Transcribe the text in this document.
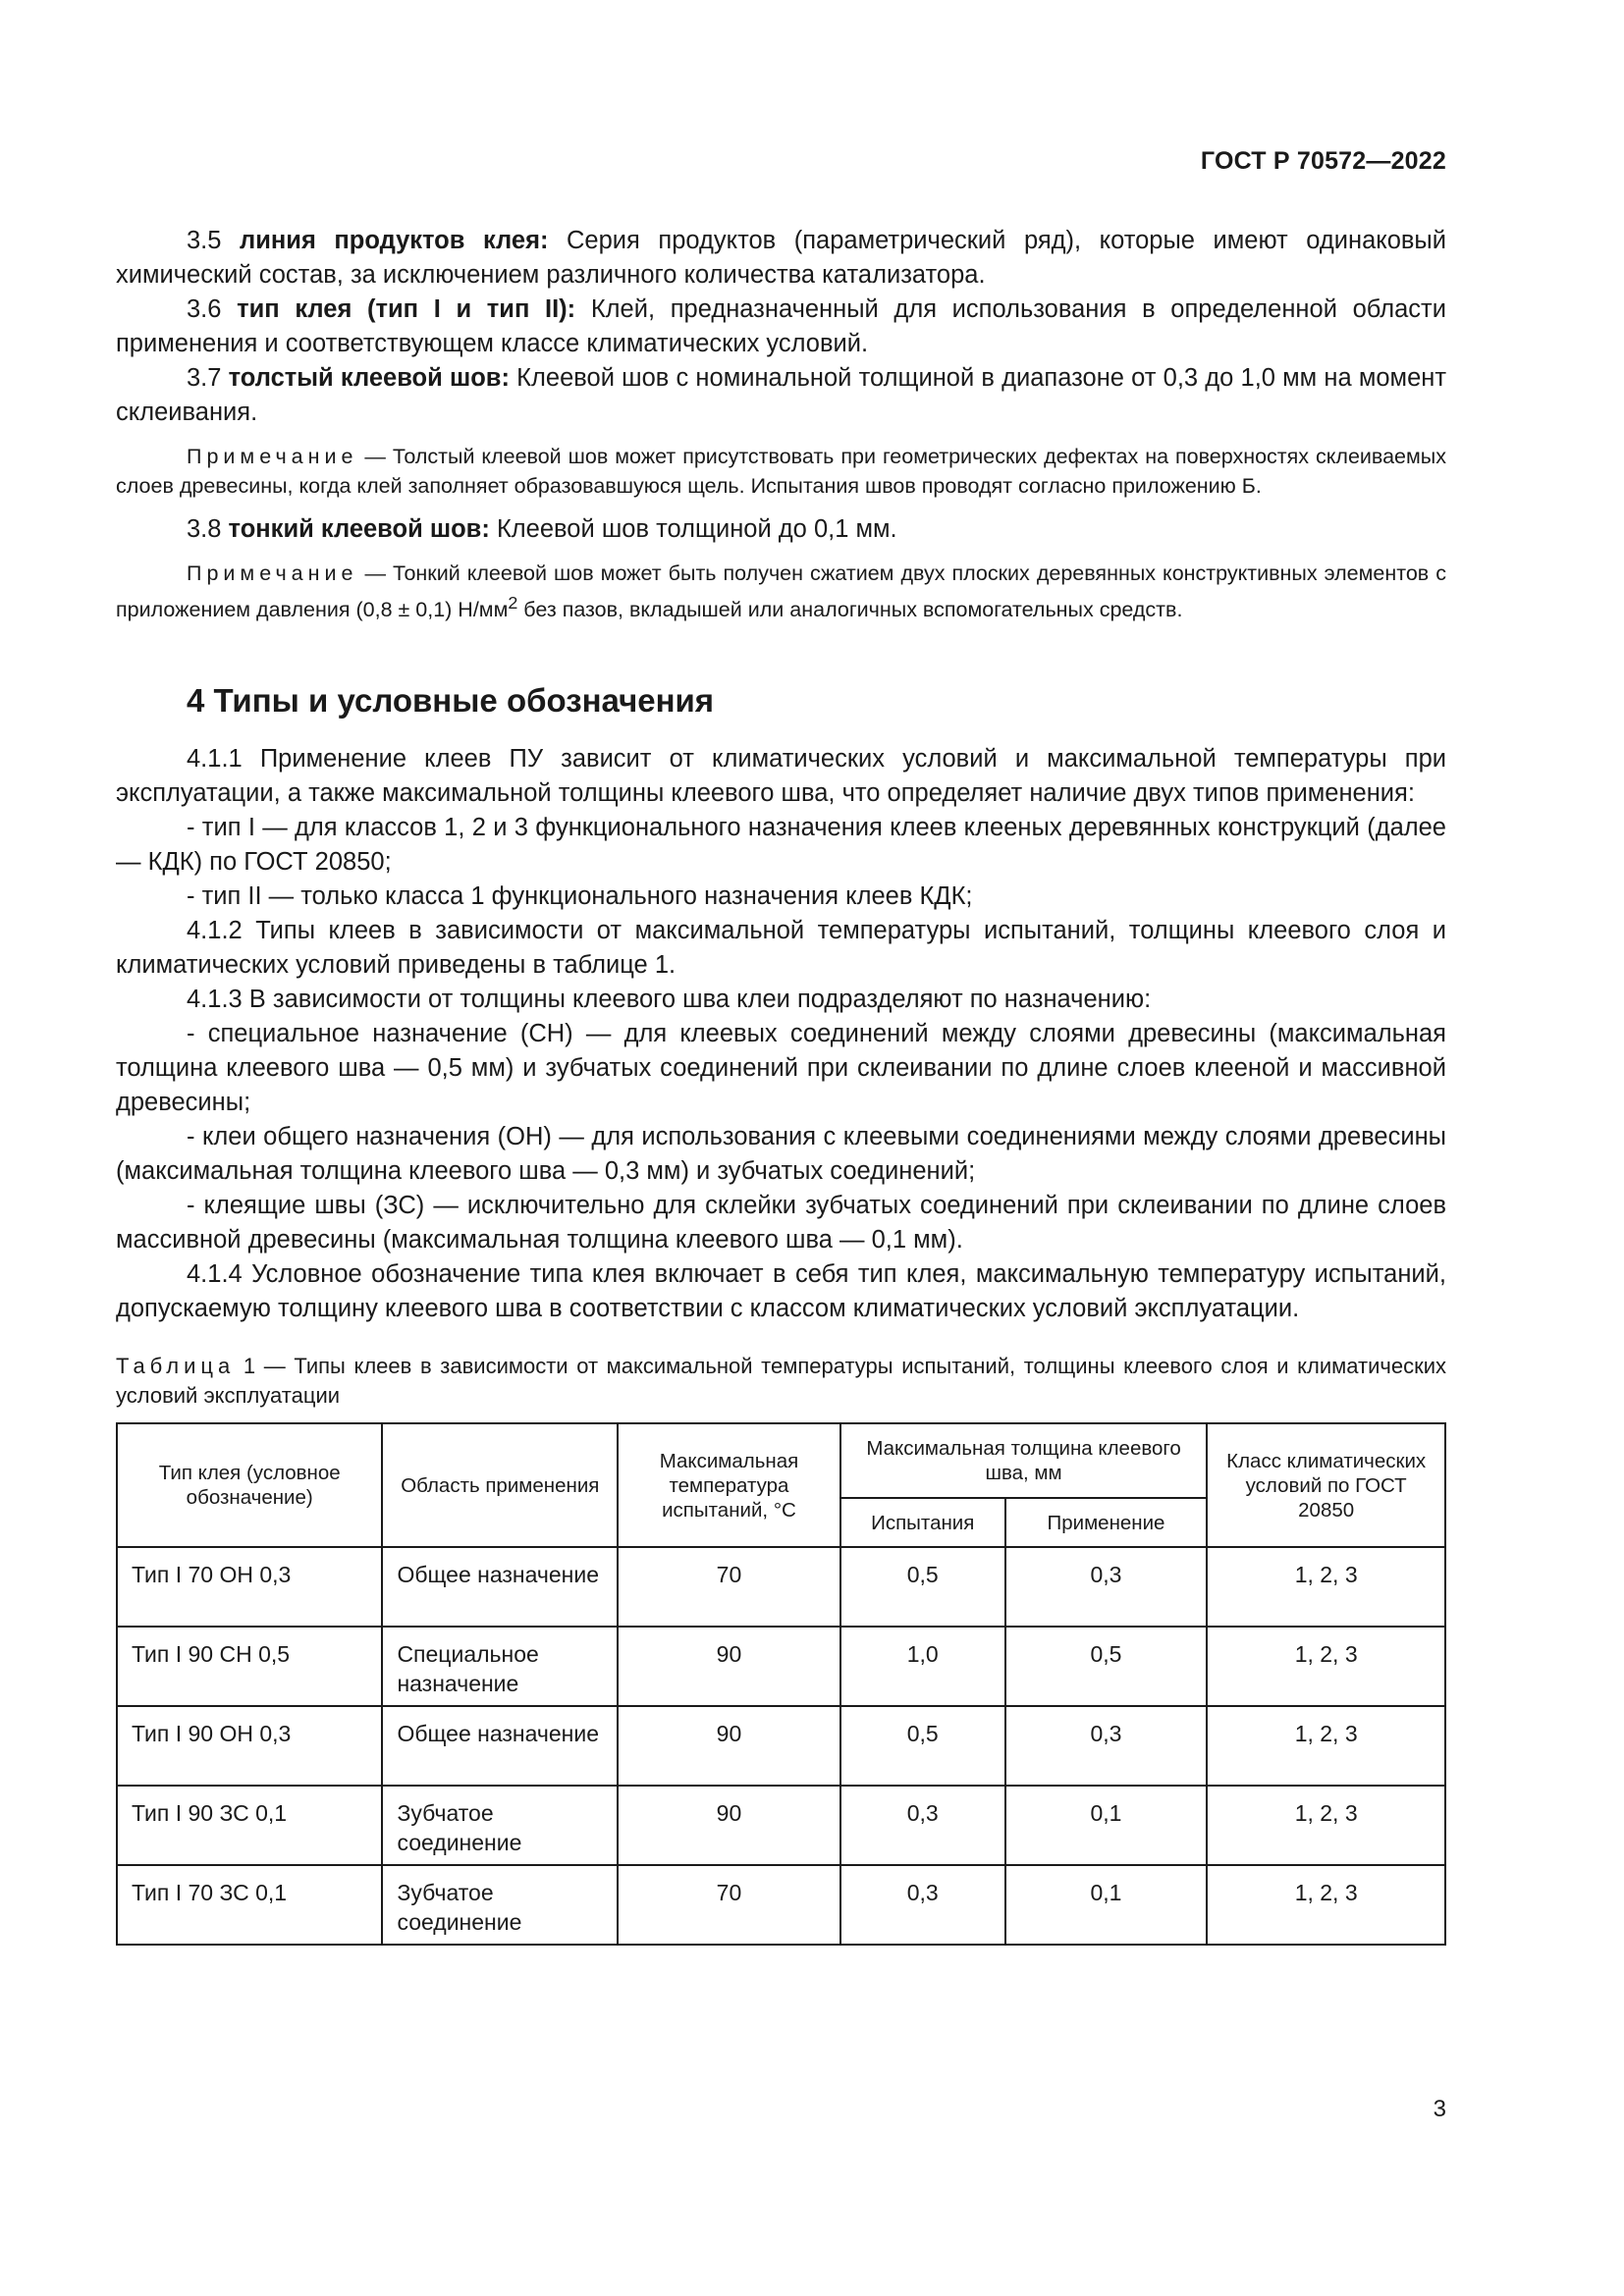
ГОСТ Р 70572—2022

3.5 линия продуктов клея: Серия продуктов (параметрический ряд), которые имеют одинаковый химический состав, за исключением различного количества катализатора.

3.6 тип клея (тип I и тип II): Клей, предназначенный для использования в определенной области применения и соответствующем классе климатических условий.

3.7 толстый клеевой шов: Клеевой шов с номинальной толщиной в диапазоне от 0,3 до 1,0 мм на момент склеивания.

Примечание — Толстый клеевой шов может присутствовать при геометрических дефектах на поверхностях склеиваемых слоев древесины, когда клей заполняет образовавшуюся щель. Испытания швов проводят согласно приложению Б.

3.8 тонкий клеевой шов: Клеевой шов толщиной до 0,1 мм.

Примечание — Тонкий клеевой шов может быть получен сжатием двух плоских деревянных конструктивных элементов с приложением давления (0,8 ± 0,1) $Н/мм^2$ без пазов, вкладышей или аналогичных вспомогательных средств.

4 Типы и условные обозначения

4.1.1 Применение клеев ПУ зависит от климатических условий и максимальной температуры при эксплуатации, а также максимальной толщины клеевого шва, что определяет наличие двух типов применения:

- тип I — для классов 1, 2 и 3 функционального назначения клеев клееных деревянных конструкций (далее — КДК) по ГОСТ 20850;

- тип II — только класса 1 функционального назначения клеев КДК;

4.1.2 Типы клеев в зависимости от максимальной температуры испытаний, толщины клеевого слоя и климатических условий приведены в таблице 1.

4.1.3 В зависимости от толщины клеевого шва клеи подразделяют по назначению:

- специальное назначение (СН) — для клеевых соединений между слоями древесины (максимальная толщина клеевого шва — 0,5 мм) и зубчатых соединений при склеивании по длине слоев клееной и массивной древесины;

- клеи общего назначения (ОН) — для использования с клеевыми соединениями между слоями древесины (максимальная толщина клеевого шва — 0,3 мм) и зубчатых соединений;

- клеящие швы (ЗС) — исключительно для склейки зубчатых соединений при склеивании по длине слоев массивной древесины (максимальная толщина клеевого шва — 0,1 мм).

4.1.4 Условное обозначение типа клея включает в себя тип клея, максимальную температуру испытаний, допускаемую толщину клеевого шва в соответствии с классом климатических условий эксплуатации.

Таблица 1 — Типы клеев в зависимости от максимальной температуры испытаний, толщины клеевого слоя и климатических условий эксплуатации

Тип клея (условное обозначение)	Область применения	Максимальная температура испытаний, °С	Максимальная толщина клеевого шва, мм		Класс климатических условий по ГОСТ 20850
			Испытания	Применение	
Тип I 70 ОН 0,3	Общее назначение	70	0,5	0,3	1, 2, 3
Тип I 90 СН 0,5	Специальное назначение	90	1,0	0,5	1, 2, 3
Тип I 90 ОН 0,3	Общее назначение	90	0,5	0,3	1, 2, 3
Тип I 90 ЗС 0,1	Зубчатое соединение	90	0,3	0,1	1, 2, 3
Тип I 70 ЗС 0,1	Зубчатое соединение	70	0,3	0,1	1, 2, 3
3
